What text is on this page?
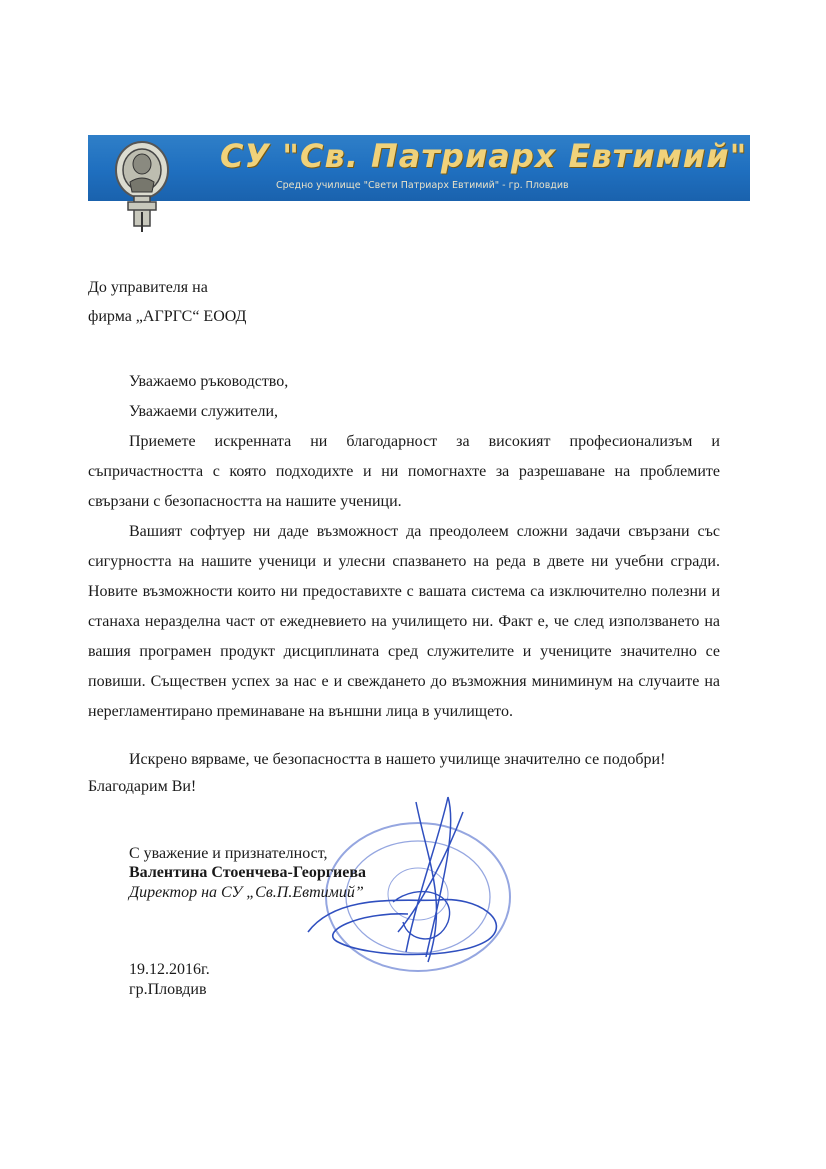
СУ "Св. Патриарх Евтимий"
Средно училище "Свети Патриарх Евтимий" - гр. Пловдив
До управителя на
фирма „АГРГС“ ЕООД
Уважаемо ръководство,
Уважаеми служители,
Приемете искренната ни благодарност за високият професионализъм и съпричастността с която подходихте и ни помогнахте за разрешаване на проблемите свързани с безопасността на нашите ученици.
Вашият софтуер ни даде възможност да преодолеем сложни задачи свързани със сигурността на нашите ученици и улесни спазването на реда в двете ни учебни сгради. Новите възможности които ни предоставихте с вашата система са изключително полезни и станаха неразделна част от ежедневието на училището ни. Факт е, че след използването на вашия програмен продукт дисциплината сред служителите и учениците значително се повиши. Съществен успех за нас е и свеждането до възможния миниминум на случаите на нерегламентирано преминаване на външни лица в училището.
Искрено вярваме, че безопасността в нашето училище значително се подобри!
Благодарим Ви!
С уважение и признателност,
Валентина Стоенчева-Георгиева
Директор на СУ „Св.П.Евтимий”
19.12.2016г.
гр.Пловдив
